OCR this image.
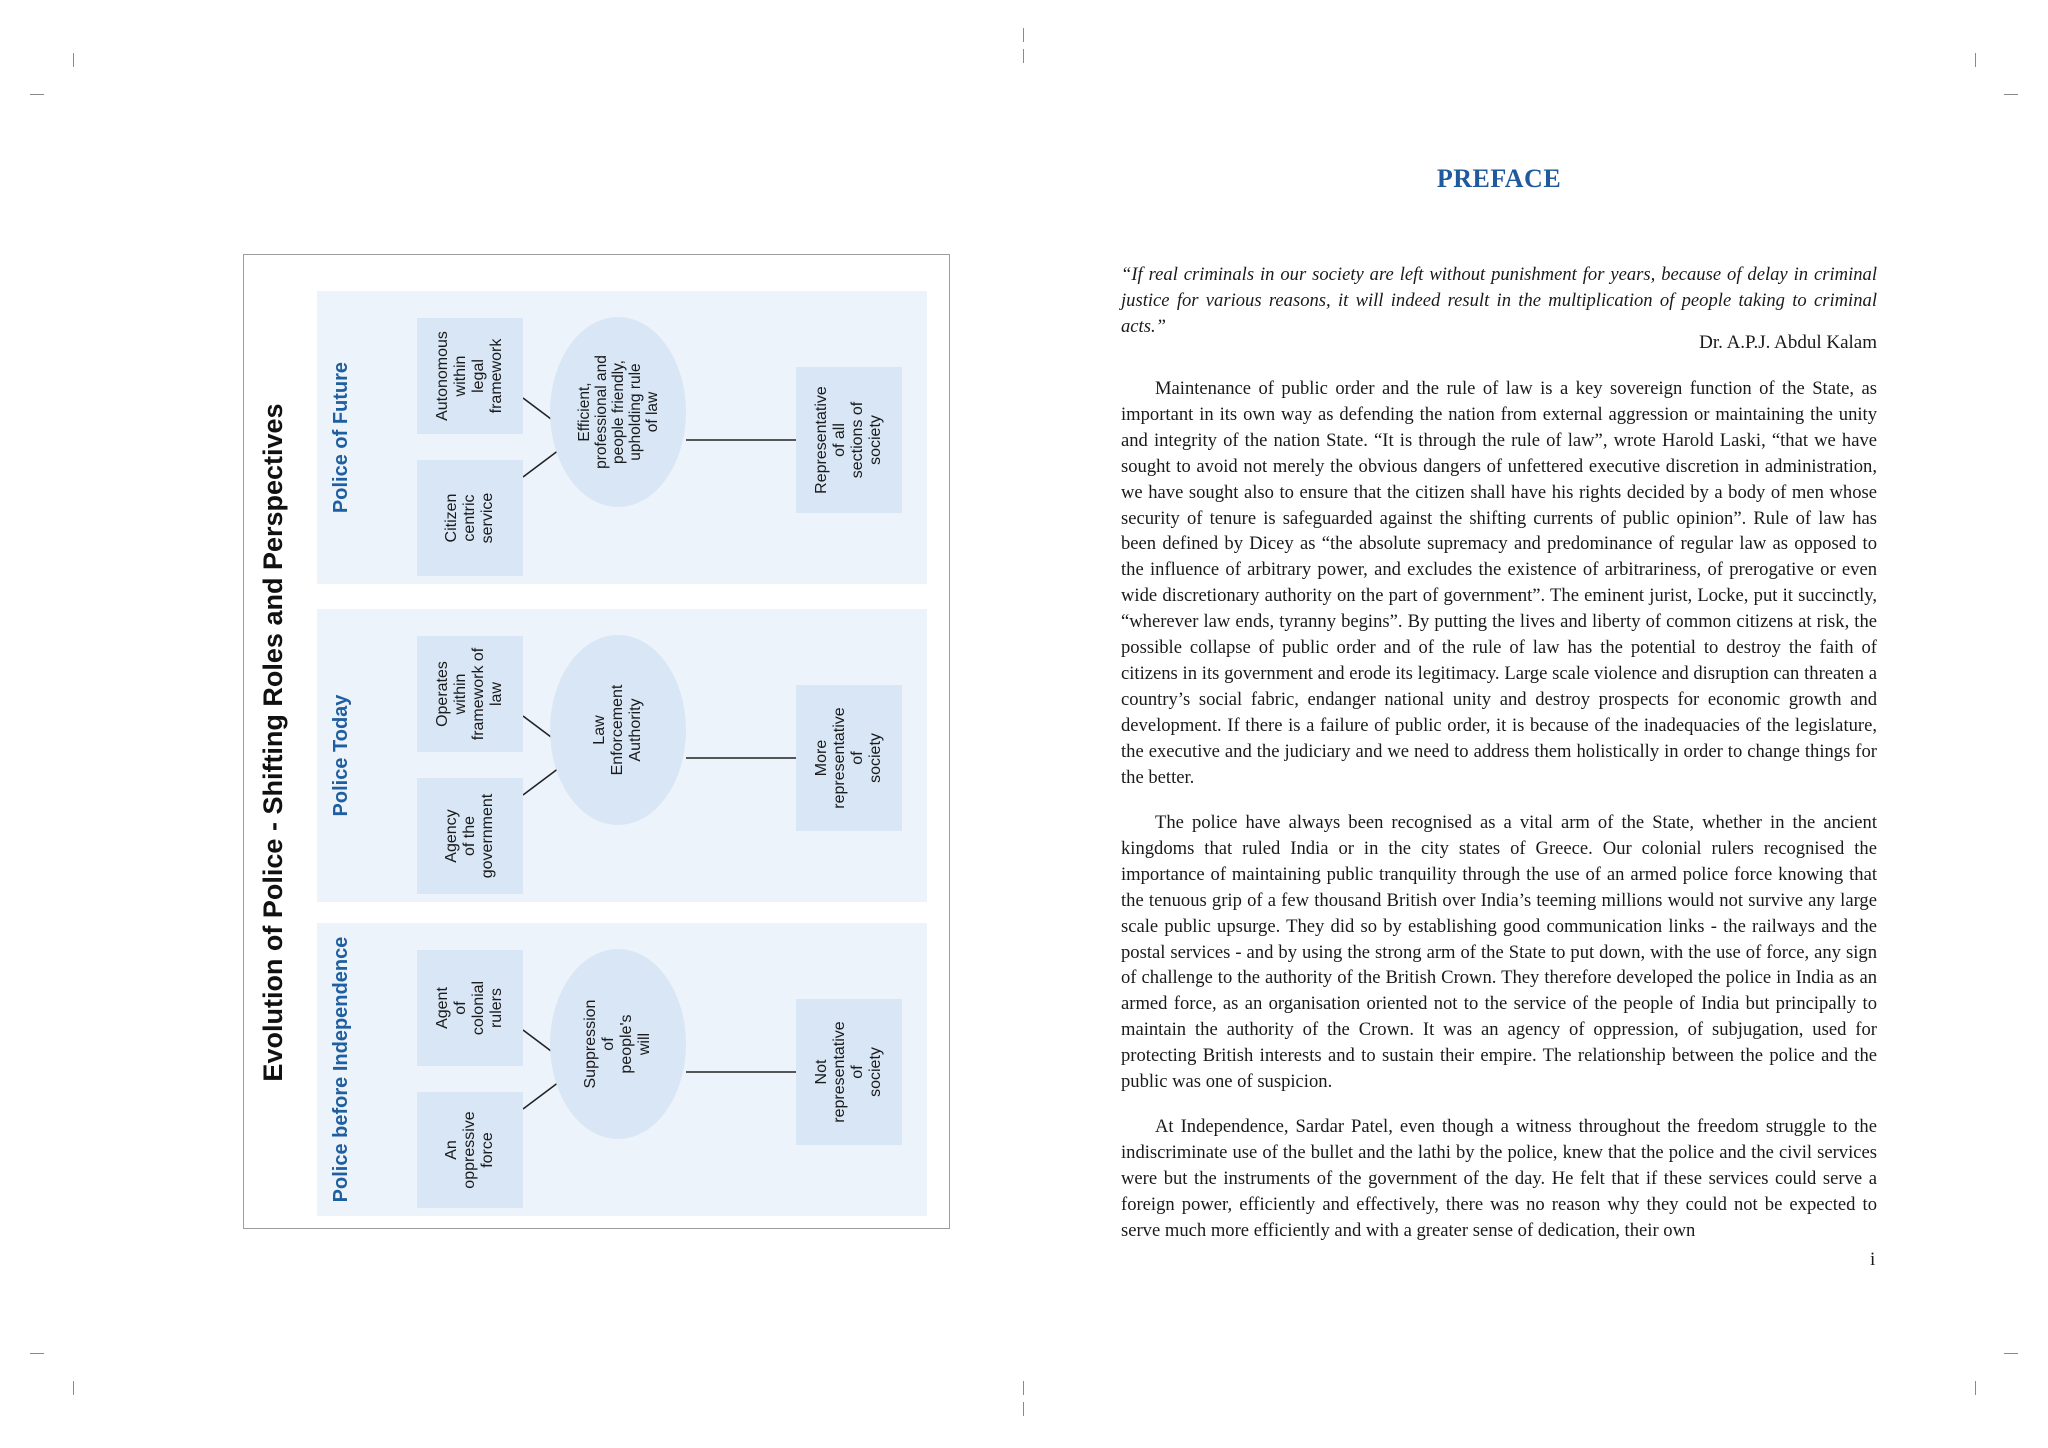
Evolution of Police - Shifting Roles and Perspectives Police before Independence	An
oppressive
force
Agent
of
colonial
rulers	Suppression
of
people's
will
Not
representative
of
society
Police Today
Agency
of the
government
Operates
within
framework of
law
Law
Enforcement
Authority	More
representative
of
society
Police of Future
Citizen
centric
service
Autonomous
within
legal
framework	Efficient,
professional and
people friendly,
upholding rule
of law	Representative
of all
sections of
society
PREFACE
“If real criminals in our society are left without punishment for years, because of delay in criminal justice for various reasons, it will indeed result in the multiplication of people taking to criminal acts.”
Dr. A.P.J. Abdul Kalam

Maintenance of public order and the rule of law is a key sovereign function of the State, as important in its own way as defending the nation from external aggression or maintaining the unity and integrity of the nation State. “It is through the rule of law”, wrote Harold Laski, “that we have sought to avoid not merely the obvious dangers of unfettered executive discretion in administration, we have sought also to ensure that the citizen shall have his rights decided by a body of men whose security of tenure is safeguarded against the shifting currents of public opinion”. Rule of law has been defined by Dicey as “the absolute supremacy and predominance of regular law as opposed to the influence of arbitrary power, and excludes the existence of arbitrariness, of prerogative or even wide discretionary authority on the part of government”. The eminent jurist, Locke, put it succinctly, “wherever law ends, tyranny begins”. By putting the lives and liberty of common citizens at risk, the possible collapse of public order and of the rule of law has the potential to destroy the faith of citizens in its government and erode its legitimacy. Large scale violence and disruption can threaten a country’s social fabric, endanger national unity and destroy prospects for economic growth and development. If there is a failure of public order, it is because of the inadequacies of the legislature, the executive and the judiciary and we need to address them holistically in order to change things for the better.

The police have always been recognised as a vital arm of the State, whether in the ancient kingdoms that ruled India or in the city states of Greece. Our colonial rulers recognised the importance of maintaining public tranquility through the use of an armed police force knowing that the tenuous grip of a few thousand British over India’s teeming millions would not survive any large scale public upsurge. They did so by establishing good communication links - the railways and the postal services - and by using the strong arm of the State to put down, with the use of force, any sign of challenge to the authority of the British Crown. They therefore developed the police in India as an armed force, as an organisation oriented not to the service of the people of India but principally to maintain the authority of the Crown. It was an agency of oppression, of subjugation, used for protecting British interests and to sustain their empire. The relationship between the police and the public was one of suspicion.

At Independence, Sardar Patel, even though a witness throughout the freedom struggle to the indiscriminate use of the bullet and the lathi by the police, knew that the police and the civil services were but the instruments of the government of the day. He felt that if these services could serve a foreign power, efficiently and effectively, there was no reason why they could not be expected to serve much more efficiently and with a greater sense of dedication, their own

i
